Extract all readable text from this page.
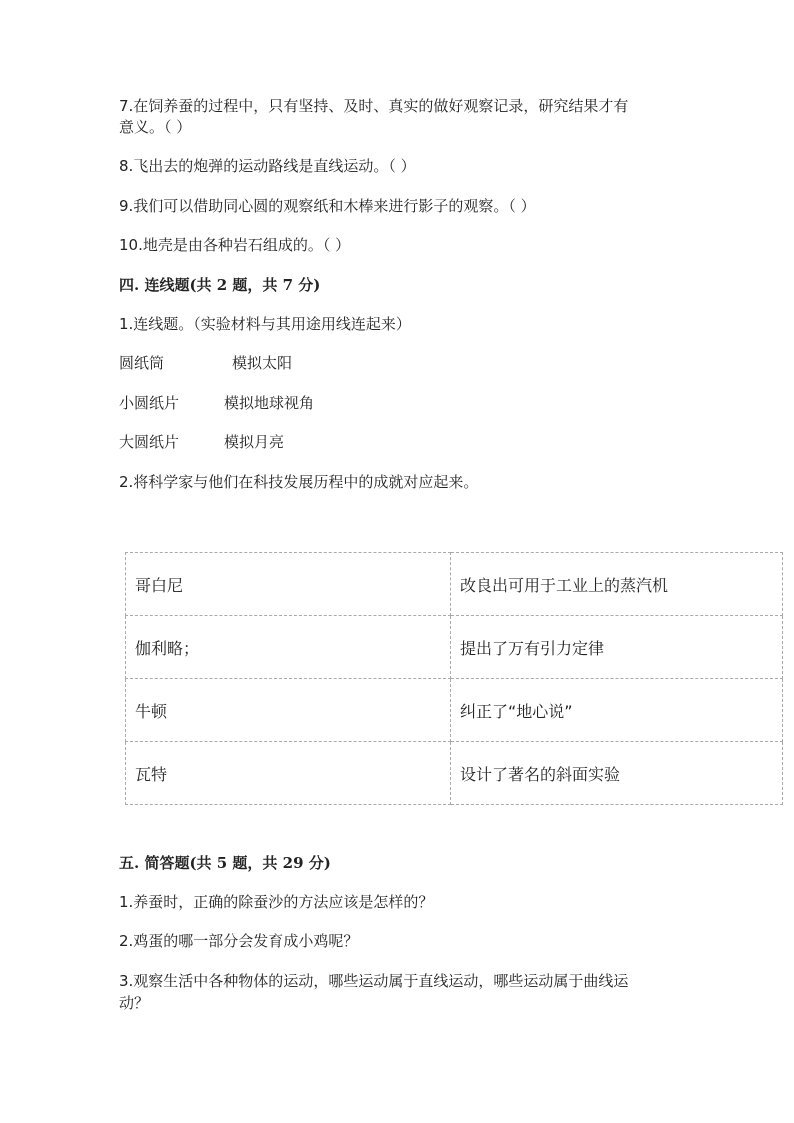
7.在饲养蚕的过程中，只有坚持、及时、真实的做好观察记录，研究结果才有
意义。（ ）
8.飞出去的炮弹的运动路线是直线运动。（ ）
9.我们可以借助同心圆的观察纸和木棒来进行影子的观察。（ ）
10.地壳是由各种岩石组成的。（ ）
四. 连线题(共 2 题，共 7 分)
1.连线题。（实验材料与其用途用线连起来）
圆纸筒	模拟太阳
小圆纸片	模拟地球视角
大圆纸片	模拟月亮
2.将科学家与他们在科技发展历程中的成就对应起来。
哥白尼	改良出可用于工业上的蒸汽机
伽利略；	提出了万有引力定律
牛顿	纠正了“地心说”
瓦特	设计了著名的斜面实验
五. 简答题(共 5 题，共 29 分)
1.养蚕时，正确的除蚕沙的方法应该是怎样的？
2.鸡蛋的哪一部分会发育成小鸡呢？
3.观察生活中各种物体的运动，哪些运动属于直线运动，哪些运动属于曲线运
动？
